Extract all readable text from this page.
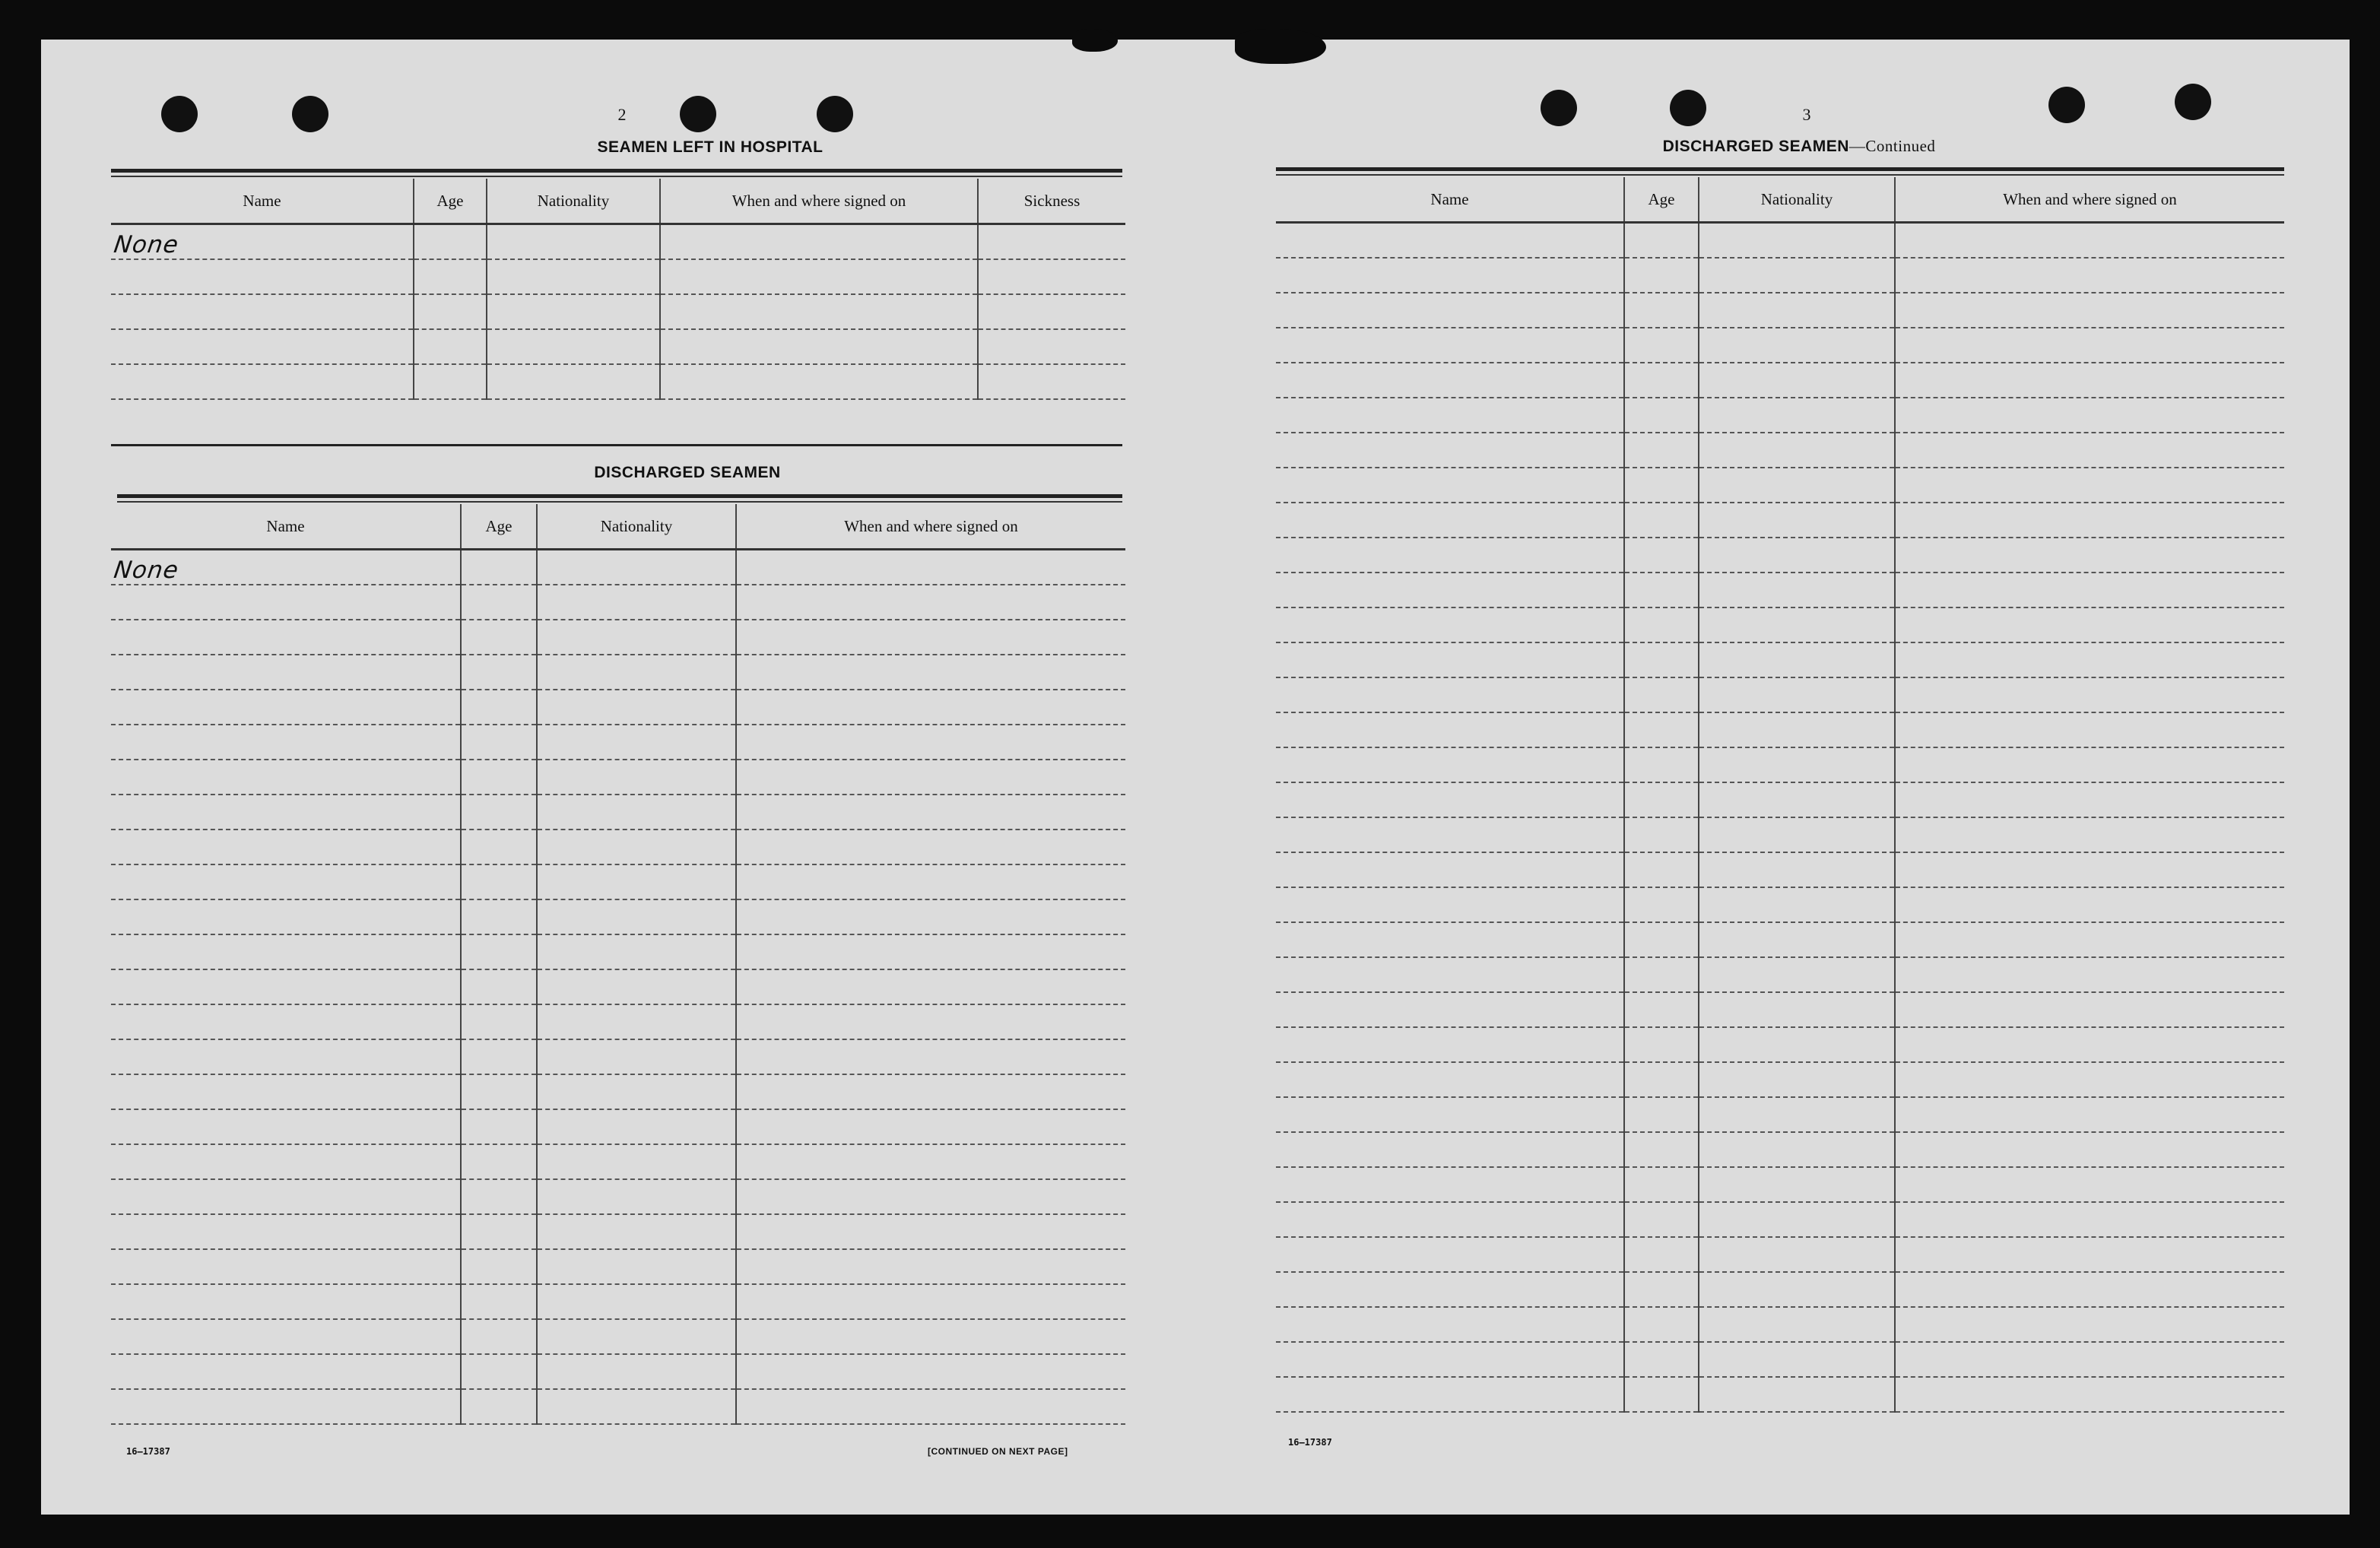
2
SEAMEN LEFT IN HOSPITAL
Name	Age	Nationality	When and where signed on	Sickness
None				

DISCHARGED SEAMEN
Name	Age	Nationality	When and where signed on
None			

16—17387	[CONTINUED ON NEXT PAGE]
3
DISCHARGED SEAMEN—Continued
Name	Age	Nationality	When and where signed on

16—17387
